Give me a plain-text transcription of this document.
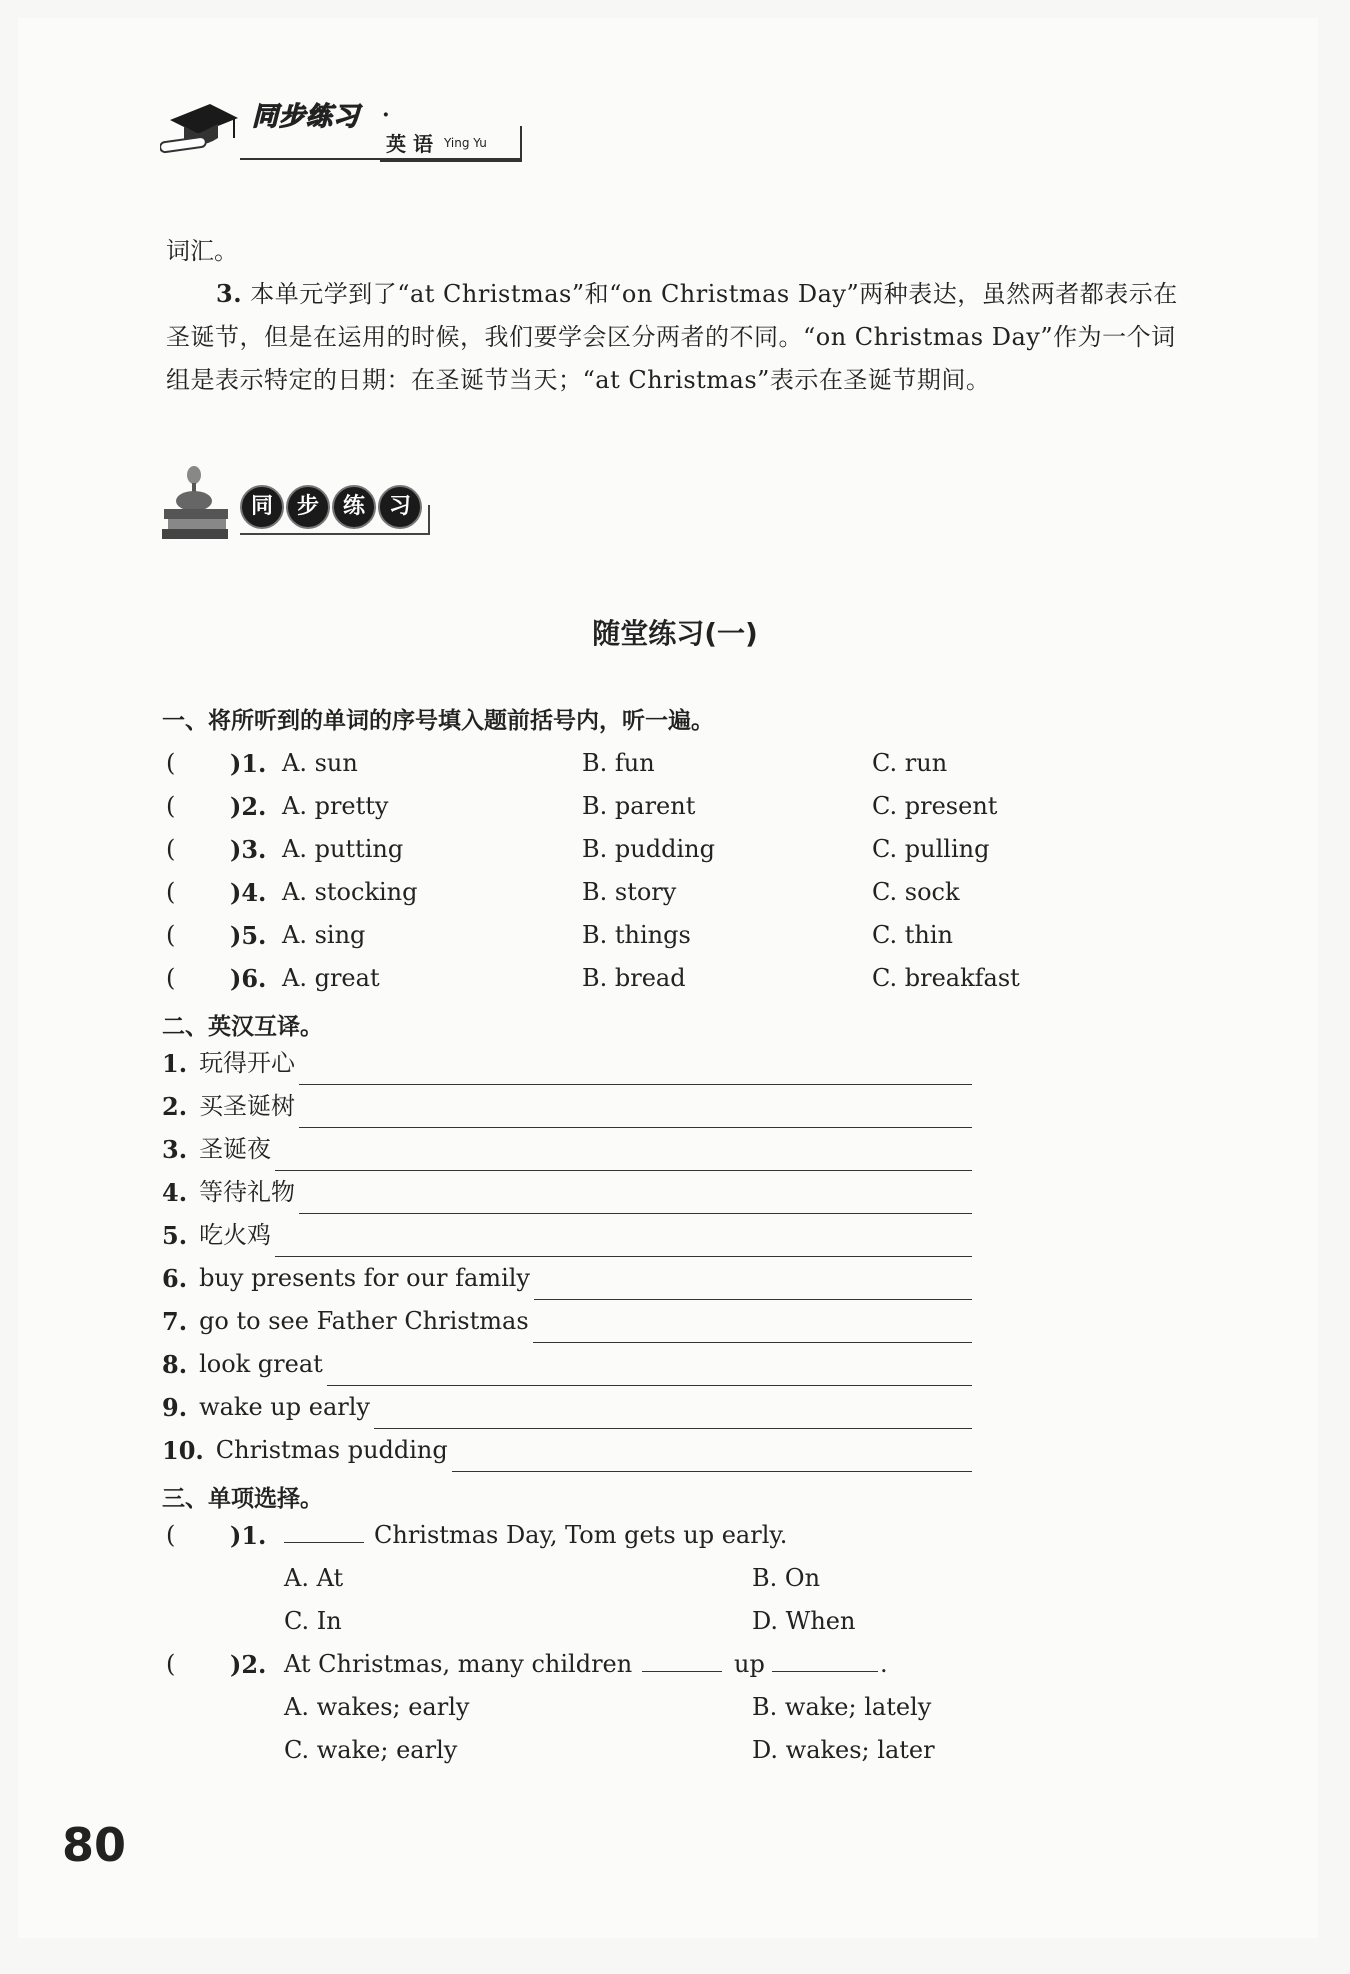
同步练习 ·
英 语 Ying Yu
词汇。
3. 本单元学到了“at Christmas”和“on Christmas Day”两种表达，虽然两者都表示在圣诞节，但是在运用的时候，我们要学会区分两者的不同。“on Christmas Day”作为一个词组是表示特定的日期：在圣诞节当天；“at Christmas”表示在圣诞节期间。
同	步	练	习
随堂练习(一)
一、将所听到的单词的序号填入题前括号内，听一遍。
( )1. A. sun	B. fun	C. run
( )2. A. pretty	B. parent	C. present
( )3. A. putting	B. pudding	C. pulling
( )4. A. stocking	B. story	C. sock
( )5. A. sing	B. things	C. thin
( )6. A. great	B. bread	C. breakfast
二、英汉互译。
1. 玩得开心
2. 买圣诞树
3. 圣诞夜
4. 等待礼物
5. 吃火鸡
6. buy presents for our family
7. go to see Father Christmas
8. look great
9. wake up early
10. Christmas pudding
三、单项选择。
( )1.	Christmas Day, Tom gets up early.
A. At	B. On
C. In	D. When
( )2. At Christmas, many children	up	.
A. wakes; early	B. wake; lately
C. wake; early	D. wakes; later
80
